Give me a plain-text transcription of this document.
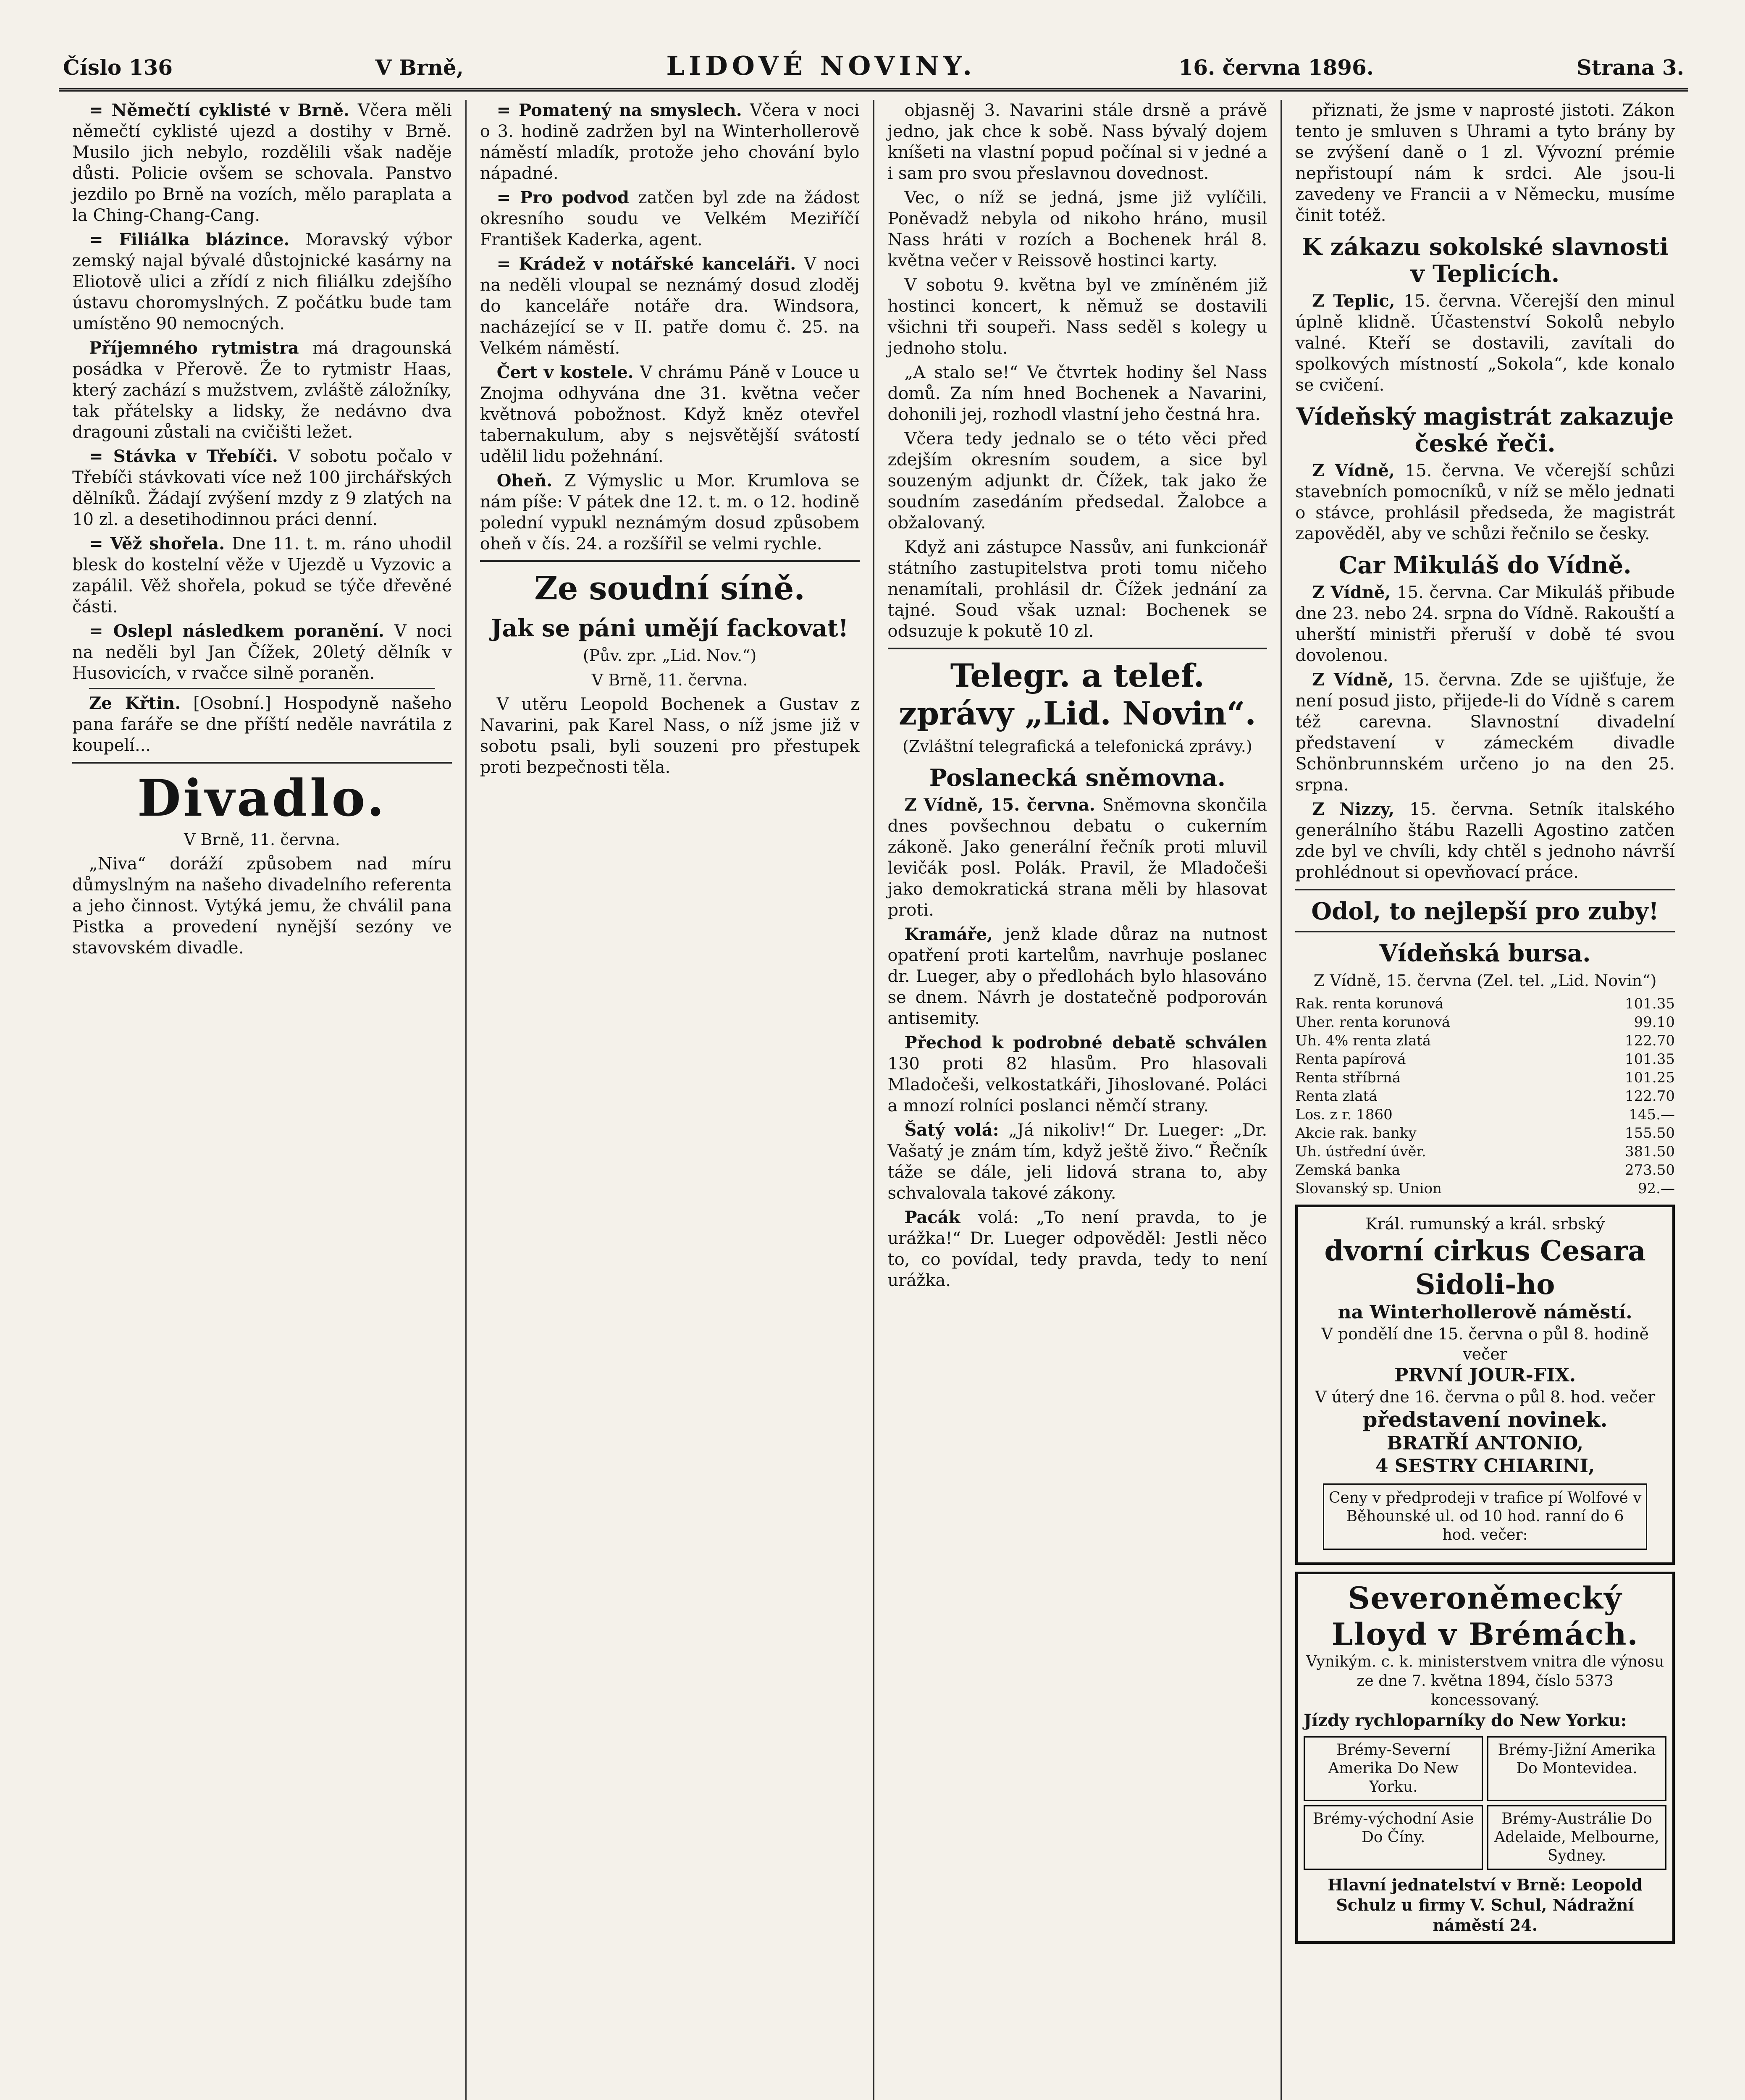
Číslo 136	V Brně,	LIDOVÉ NOVINY.	16. června 1896.	Strana 3.

= Němečtí cyklisté v Brně. Včera měli němečtí cyklisté ujezd a dostihy v Brně. Musilo jich nebylo, rozdělili však naděje důsti. Policie ovšem se schovala. Panstvo jezdilo po Brně na vozích, mělo paraplata a la Ching-Chang-Cang.

= Filiálka blázince. Moravský výbor zemský najal bývalé důstojnické kasárny na Eliotově ulici a zřídí z nich filiálku zdejšího ústavu choromyslných. Z počátku bude tam umístěno 90 nemocných.

Příjemného rytmistra má dragounská posádka v Přerově. Že to rytmistr Haas, který zachází s mužstvem, zvláště záložníky, tak přátelsky a lidsky, že nedávno dva dragouni zůstali na cvičišti ležet.

= Stávka v Třebíči. V sobotu počalo v Třebíči stávkovati více než 100 jirchářských dělníků. Žádají zvýšení mzdy z 9 zlatých na 10 zl. a desetihodinnou práci denní.

= Věž shořela. Dne 11. t. m. ráno uhodil blesk do kostelní věže v Ujezdě u Vyzovic a zapálil. Věž shořela, pokud se týče dřevěné části.

= Oslepl následkem poranění. V noci na neděli byl Jan Čížek, 20letý dělník v Husovicích, v rvačce silně poraněn.

Ze Křtin. [Osobní.] Hospodyně našeho pana faráře se dne příští neděle navrátila z koupelí...

Divadlo.
V Brně, 11. června.

„Niva“ doráží způsobem nad míru důmyslným na našeho divadelního referenta a jeho činnost. Vytýká jemu, že chválil pana Pistka a provedení nynější sezóny ve stavovském divadle.

= Pomatený na smyslech. Včera v noci o 3. hodině zadržen byl na Winterhollerově náměstí mladík, protože jeho chování bylo nápadné.

= Pro podvod zatčen byl zde na žádost okresního soudu ve Velkém Meziříčí František Kaderka, agent.

= Krádež v notářské kanceláři. V noci na neděli vloupal se neznámý dosud zloděj do kanceláře notáře dra. Windsora, nacházející se v II. patře domu č. 25. na Velkém náměstí.

Čert v kostele. V chrámu Páně v Louce u Znojma odhyvána dne 31. května večer květnová pobožnost. Když kněz otevřel tabernakulum, aby s nejsvětější svátostí udělil lidu požehnání.

Oheň. Z Výmyslic u Mor. Krumlova se nám píše: V pátek dne 12. t. m. o 12. hodině polední vypukl neznámým dosud způsobem oheň v čís. 24. a rozšířil se velmi rychle.

Ze soudní síně.
Jak se páni umějí fackovat!
(Pův. zpr. „Lid. Nov.“)
V Brně, 11. června.

V utěru Leopold Bochenek a Gustav z Navarini, pak Karel Nass, o níž jsme již v sobotu psali, byli souzeni pro přestupek proti bezpečnosti těla.

objasněj 3. Navarini stále drsně a právě jedno, jak chce k sobě. Nass bývalý dojem kníšeti na vlastní popud počínal si v jedné a i sam pro svou přeslavnou dovednost.

Vec, o níž se jedná, jsme již vylíčili. Poněvadž nebyla od nikoho hráno, musil Nass hráti v rozích a Bochenek hrál 8. května večer v Reissově hostinci karty.

V sobotu 9. května byl ve zmíněném již hostinci koncert, k němuž se dostavili všichni tři soupeři. Nass seděl s kolegy u jednoho stolu.

„A stalo se!“ Ve čtvrtek hodiny šel Nass domů. Za ním hned Bochenek a Navarini, dohonili jej, rozhodl vlastní jeho čestná hra.

Včera tedy jednalo se o této věci před zdejším okresním soudem, a sice byl souzeným adjunkt dr. Čížek, tak jako že soudním zasedáním předsedal. Žalobce a obžalovaný.

Když ani zástupce Nassův, ani funkcionář státního zastupitelstva proti tomu ničeho nenamítali, prohlásil dr. Čížek jednání za tajné. Soud však uznal: Bochenek se odsuzuje k pokutě 10 zl.

Telegr. a telef. zprávy „Lid. Novin“.
(Zvláštní telegrafická a telefonická zprávy.)
Poslanecká sněmovna.

Z Vídně, 15. června. Sněmovna skončila dnes povšechnou debatu o cukerním zákoně. Jako generální řečník proti mluvil levičák posl. Polák. Pravil, že Mladočeši jako demokratická strana měli by hlasovat proti.

Kramáře, jenž klade důraz na nutnost opatření proti kartelům, navrhuje poslanec dr. Lueger, aby o předlohách bylo hlasováno se dnem. Návrh je dostatečně podporován antisemity.

Přechod k podrobné debatě schválen 130 proti 82 hlasům. Pro hlasovali Mladočeši, velkostatkáři, Jihoslované. Poláci a mnozí rolníci poslanci němčí strany.

Šatý volá: „Já nikoliv!“ Dr. Lueger: „Dr. Vašatý je znám tím, když ještě živo.“ Řečník táže se dále, jeli lidová strana to, aby schvalovala takové zákony.

Pacák volá: „To není pravda, to je urážka!“ Dr. Lueger odpověděl: Jestli něco to, co povídal, tedy pravda, tedy to není urážka.

přiznati, že jsme v naprosté jistoti. Zákon tento je smluven s Uhrami a tyto brány by se zvýšení daně o 1 zl. Vývozní prémie nepřistoupí nám k srdci. Ale jsou-li zavedeny ve Francii a v Německu, musíme činit totéž.

K zákazu sokolské slavnosti v Teplicích.

Z Teplic, 15. června. Včerejší den minul úplně klidně. Účastenství Sokolů nebylo valné. Kteří se dostavili, zavítali do spolkových místností „Sokola“, kde konalo se cvičení.

Vídeňský magistrát zakazuje české řeči.

Z Vídně, 15. června. Ve včerejší schůzi stavebních pomocníků, v níž se mělo jednati o stávce, prohlásil předseda, že magistrát zapověděl, aby ve schůzi řečnilo se česky.

Car Mikuláš do Vídně.

Z Vídně, 15. června. Car Mikuláš přibude dne 23. nebo 24. srpna do Vídně. Rakouští a uherští ministři přeruší v době té svou dovolenou.

Z Vídně, 15. června. Zde se ujišťuje, že není posud jisto, přijede-li do Vídně s carem též carevna. Slavnostní divadelní představení v zámeckém divadle Schönbrunnském určeno jo na den 25. srpna.

Z Nizzy, 15. června. Setník italského generálního štábu Razelli Agostino zatčen zde byl ve chvíli, kdy chtěl s jednoho návrší prohlédnout si opevňovací práce.

Odol, to nejlepší pro zuby!
Vídeňská bursa.
Z Vídně, 15. června (Zel. tel. „Lid. Novin“)
Rak. renta korunová	101.35
Uher. renta korunová	99.10
Uh. 4% renta zlatá	122.70
Renta papírová	101.35
Renta stříbrná	101.25
Renta zlatá	122.70
Los. z r. 1860	145.—
Akcie rak. banky	155.50
Uh. ústřední úvěr.	381.50
Zemská banka	273.50
Slovanský sp. Union	92.—
Král. rumunský a král. srbský
dvorní cirkus Cesara Sidoli-ho
na Winterhollerově náměstí.
V pondělí dne 15. června o půl 8. hodině večer
PRVNÍ JOUR-FIX.
V úterý dne 16. června o půl 8. hod. večer
představení novinek.
BRATŘÍ ANTONIO,
4 SESTRY CHIARINI,
Ceny v předprodeji v trafice pí Wolfové v Běhounské ul. od 10 hod. ranní do 6 hod. večer:
Severoněmecký Lloyd v Brémách.
Vynikým. c. k. ministerstvem vnitra dle výnosu ze dne 7. května 1894, číslo 5373 koncessovaný.
Jízdy rychloparníky do New Yorku:
Brémy-Severní Amerika Do New Yorku.
Brémy-Jižní Amerika Do Montevidea.
Brémy-východní Asie Do Číny.
Brémy-Austrálie Do Adelaide, Melbourne, Sydney.
Hlavní jednatelství v Brně: Leopold Schulz u firmy V. Schul, Nádražní náměstí 24.
